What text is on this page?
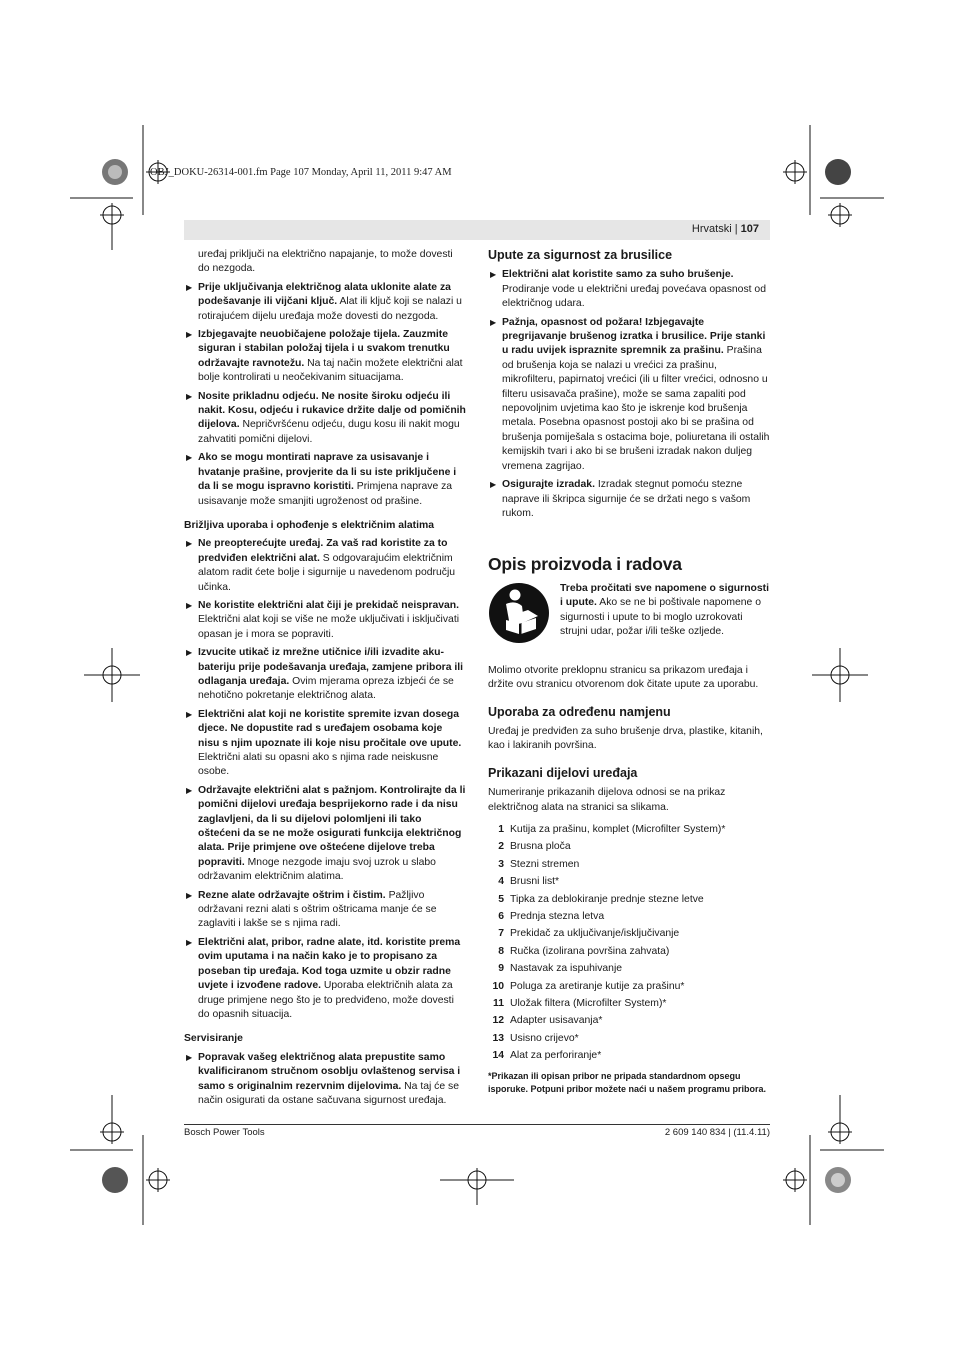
OBJ_DOKU-26314-001.fm Page 107 Monday, April 11, 2011 9:47 AM
Hrvatski | 107

uređaj priključi na električno napajanje, to može dovesti do nezgoda.

▶ Prije uključivanja električnog alata uklonite alate za podešavanje ili vijčani ključ. Alat ili ključ koji se nalazi u rotirajućem dijelu uređaja može dovesti do nezgoda.

▶ Izbjegavajte neuobičajene položaje tijela. Zauzmite siguran i stabilan položaj tijela i u svakom trenutku održavajte ravnotežu. Na taj način možete električni alat bolje kontrolirati u neočekivanim situacijama.

▶ Nosite prikladnu odjeću. Ne nosite široku odjeću ili nakit. Kosu, odjeću i rukavice držite dalje od pomičnih dijelova. Nepričvršćenu odjeću, dugu kosu ili nakit mogu zahvatiti pomični dijelovi.

▶ Ako se mogu montirati naprave za usisavanje i hvatanje prašine, provjerite da li su iste priključene i da li se mogu ispravno koristiti. Primjena naprave za usisavanje može smanjiti ugroženost od prašine.

Brižljiva uporaba i ophođenje s električnim alatima

▶ Ne preopterećujte uređaj. Za vaš rad koristite za to predviđen električni alat. S odgovarajućim električnim alatom radit ćete bolje i sigurnije u navedenom području učinka.

▶ Ne koristite električni alat čiji je prekidač neispravan. Električni alat koji se više ne može uključivati i isključivati opasan je i mora se popraviti.

▶ Izvucite utikač iz mrežne utičnice i/ili izvadite aku-bateriju prije podešavanja uređaja, zamjene pribora ili odlaganja uređaja. Ovim mjerama opreza izbjeći će se nehotično pokretanje električnog alata.

▶ Električni alat koji ne koristite spremite izvan dosega djece. Ne dopustite rad s uređajem osobama koje nisu s njim upoznate ili koje nisu pročitale ove upute. Električni alati su opasni ako s njima rade neiskusne osobe.

▶ Održavajte električni alat s pažnjom. Kontrolirajte da li pomični dijelovi uređaja besprijekorno rade i da nisu zaglavljeni, da li su dijelovi polomljeni ili tako oštećeni da se ne može osigurati funkcija električnog alata. Prije primjene ove oštećene dijelove treba popraviti. Mnoge nezgode imaju svoj uzrok u slabo održavanim električnim alatima.

▶ Rezne alate održavajte oštrim i čistim. Pažljivo održavani rezni alati s oštrim oštricama manje će se zaglaviti i lakše se s njima radi.

▶ Električni alat, pribor, radne alate, itd. koristite prema ovim uputama i na način kako je to propisano za poseban tip uređaja. Kod toga uzmite u obzir radne uvjete i izvođene radove. Uporaba električnih alata za druge primjene nego što je to predviđeno, može dovesti do opasnih situacija.

Servisiranje

▶ Popravak vašeg električnog alata prepustite samo kvalificiranom stručnom osoblju ovlaštenog servisa i samo s originalnim rezervnim dijelovima. Na taj će se način osigurati da ostane sačuvana sigurnost uređaja.

Upute za sigurnost za brusilice

▶ Električni alat koristite samo za suho brušenje. Prodiranje vode u električni uređaj povećava opasnost od električnog udara.

▶ Pažnja, opasnost od požara! Izbjegavajte pregrijavanje brušenog izratka i brusilice. Prije stanki u radu uvijek ispraznite spremnik za prašinu. Prašina od brušenja koja se nalazi u vrećici za prašinu, mikrofilteru, papirnatoj vrećici (ili u filter vrećici, odnosno u filteru usisavača prašine), može se sama zapaliti pod nepovoljnim uvjetima kao što je iskrenje kod brušenja metala. Posebna opasnost postoji ako bi se prašina od brušenja pomiješala s ostacima boje, poliuretana ili ostalih kemijskih tvari i ako bi se brušeni izradak nakon duljeg vremena zagrijao.

▶ Osigurajte izradak. Izradak stegnut pomoću stezne naprave ili škripca sigurnije će se držati nego s vašom rukom.

Opis proizvoda i radova
Treba pročitati sve napomene o sigurnosti i upute. Ako se ne bi poštivale napomene o sigurnosti i upute to bi moglo uzrokovati strujni udar, požar i/ili teške ozljede.

Molimo otvorite preklopnu stranicu sa prikazom uređaja i držite ovu stranicu otvorenom dok čitate upute za uporabu.

Uporaba za određenu namjenu

Uređaj je predviđen za suho brušenje drva, plastike, kitanih, kao i lakiranih površina.

Prikazani dijelovi uređaja

Numeriranje prikazanih dijelova odnosi se na prikaz električnog alata na stranici sa slikama.

1 Kutija za prašinu, komplet (Microfilter System)*
2 Brusna ploča
3 Stezni stremen
4 Brusni list*
5 Tipka za deblokiranje prednje stezne letve
6 Prednja stezna letva
7 Prekidač za uključivanje/isključivanje
8 Ručka (izolirana površina zahvata)
9 Nastavak za ispuhivanje
10 Poluga za aretiranje kutije za prašinu*
11 Uložak filtera (Microfilter System)*
12 Adapter usisavanja*
13 Usisno crijevo*
14 Alat za perforiranje*
*Prikazan ili opisan pribor ne pripada standardnom opsegu isporuke. Potpuni pribor možete naći u našem programu pribora.
Bosch Power Tools	2 609 140 834 | (11.4.11)
